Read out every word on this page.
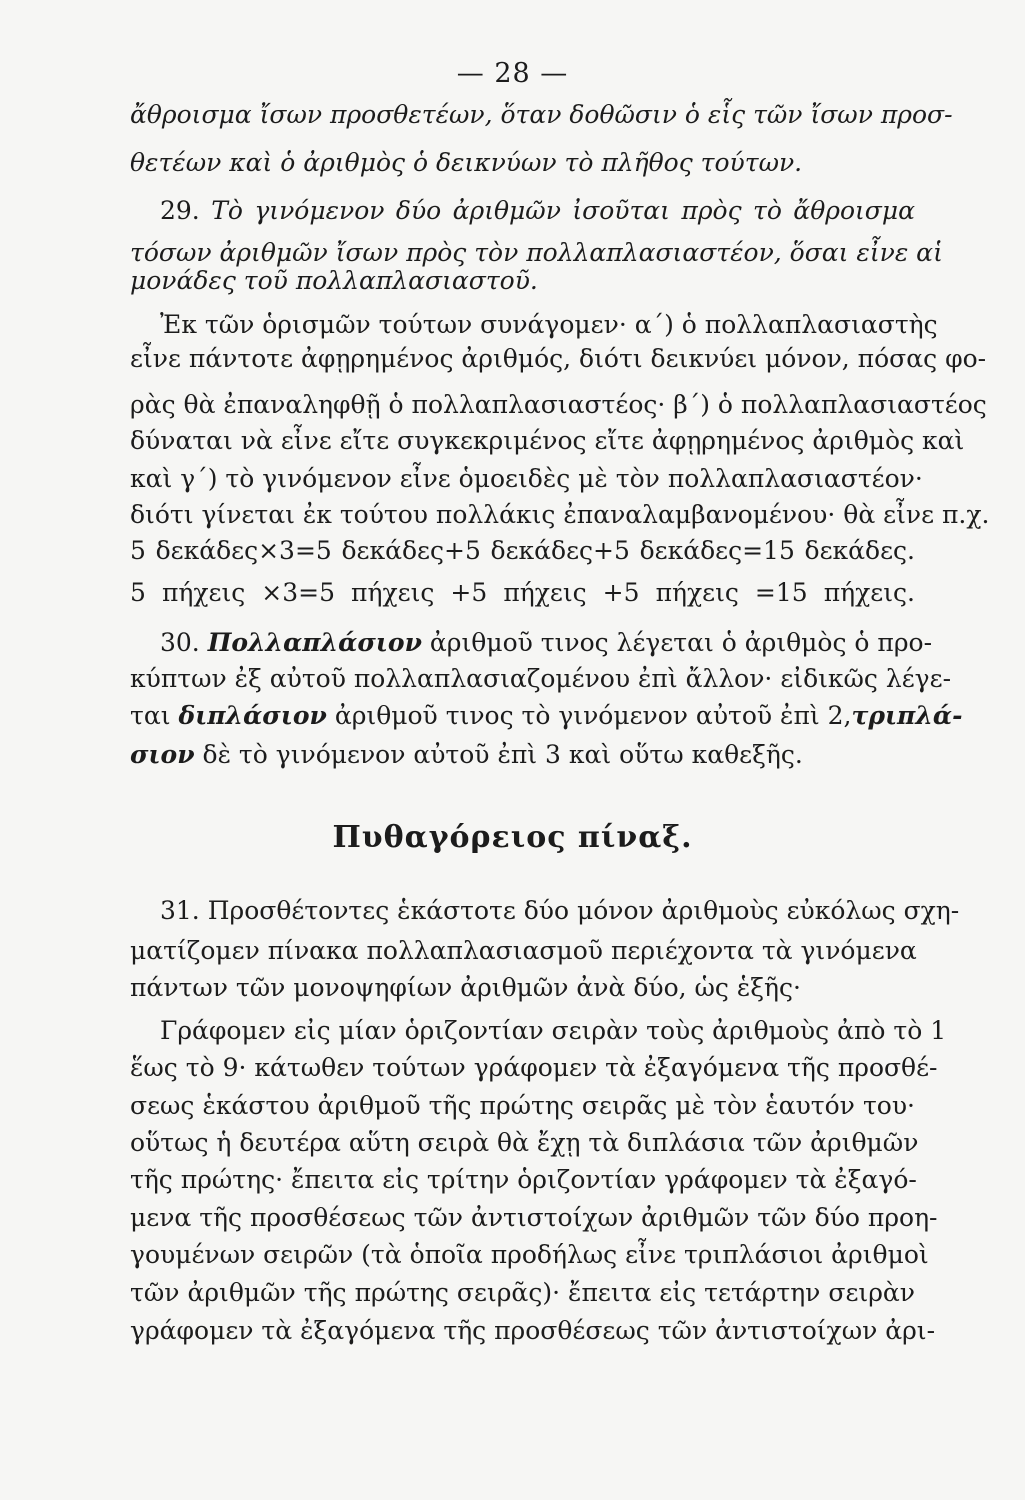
— 28 —
ἄθροισμα ἴσων προσθετέων, ὅταν δοθῶσιν ὁ εἷς τῶν ἴσων προσ-
θετέων καὶ ὁ ἀριθμὸς ὁ δεικνύων τὸ πλῆθος τούτων.
29. Τὸ γινόμενον δύο ἀριθμῶν ἰσοῦται πρὸς τὸ ἄθροισμα
τόσων ἀριθμῶν ἴσων πρὸς τὸν πολλαπλασιαστέον, ὅσαι εἶνε αἱ
μονάδες τοῦ πολλαπλασιαστοῦ.
Ἐκ τῶν ὁρισμῶν τούτων συνάγομεν· α΄) ὁ πολλαπλασιαστὴς
εἶνε πάντοτε ἀφῃρημένος ἀριθμός, διότι δεικνύει μόνον, πόσας φο-
ρὰς θὰ ἐπαναληφθῇ ὁ πολλαπλασιαστέος· β΄) ὁ πολλαπλασιαστέος
δύναται νὰ εἶνε εἴτε συγκεκριμένος εἴτε ἀφῃρημένος ἀριθμὸς καὶ
καὶ γ΄) τὸ γινόμενον εἶνε ὁμοειδὲς μὲ τὸν πολλαπλασιαστέον·
διότι γίνεται ἐκ τούτου πολλάκις ἐπαναλαμβανομένου· θὰ εἶνε π.χ.
5 δεκάδες×3=5 δεκάδες+5 δεκάδες+5 δεκάδες=15 δεκάδες.
5 πήχεις ×3=5 πήχεις +5 πήχεις +5 πήχεις =15 πήχεις.
30. Πολλαπλάσιον ἀριθμοῦ τινος λέγεται ὁ ἀριθμὸς ὁ προ-
κύπτων ἐξ αὐτοῦ πολλαπλασιαζομένου ἐπὶ ἄλλον· εἰδικῶς λέγε-
ται διπλάσιον ἀριθμοῦ τινος τὸ γινόμενον αὐτοῦ ἐπὶ 2,τριπλά-
σιον δὲ τὸ γινόμενον αὐτοῦ ἐπὶ 3 καὶ οὕτω καθεξῆς.
Πυθαγόρειος πίναξ.
31. Προσθέτοντες ἑκάστοτε δύο μόνον ἀριθμοὺς εὐκόλως σχη-
ματίζομεν πίνακα πολλαπλασιασμοῦ περιέχοντα τὰ γινόμενα
πάντων τῶν μονοψηφίων ἀριθμῶν ἀνὰ δύο, ὡς ἑξῆς·
Γράφομεν εἰς μίαν ὁριζοντίαν σειρὰν τοὺς ἀριθμοὺς ἀπὸ τὸ 1
ἕως τὸ 9· κάτωθεν τούτων γράφομεν τὰ ἐξαγόμενα τῆς προσθέ-
σεως ἑκάστου ἀριθμοῦ τῆς πρώτης σειρᾶς μὲ τὸν ἑαυτόν του·
οὕτως ἡ δευτέρα αὕτη σειρὰ θὰ ἔχῃ τὰ διπλάσια τῶν ἀριθμῶν
τῆς πρώτης· ἔπειτα εἰς τρίτην ὁριζοντίαν γράφομεν τὰ ἐξαγό-
μενα τῆς προσθέσεως τῶν ἀντιστοίχων ἀριθμῶν τῶν δύο προη-
γουμένων σειρῶν (τὰ ὁποῖα προδήλως εἶνε τριπλάσιοι ἀριθμοὶ
τῶν ἀριθμῶν τῆς πρώτης σειρᾶς)· ἔπειτα εἰς τετάρτην σειρὰν
γράφομεν τὰ ἐξαγόμενα τῆς προσθέσεως τῶν ἀντιστοίχων ἀρι-
